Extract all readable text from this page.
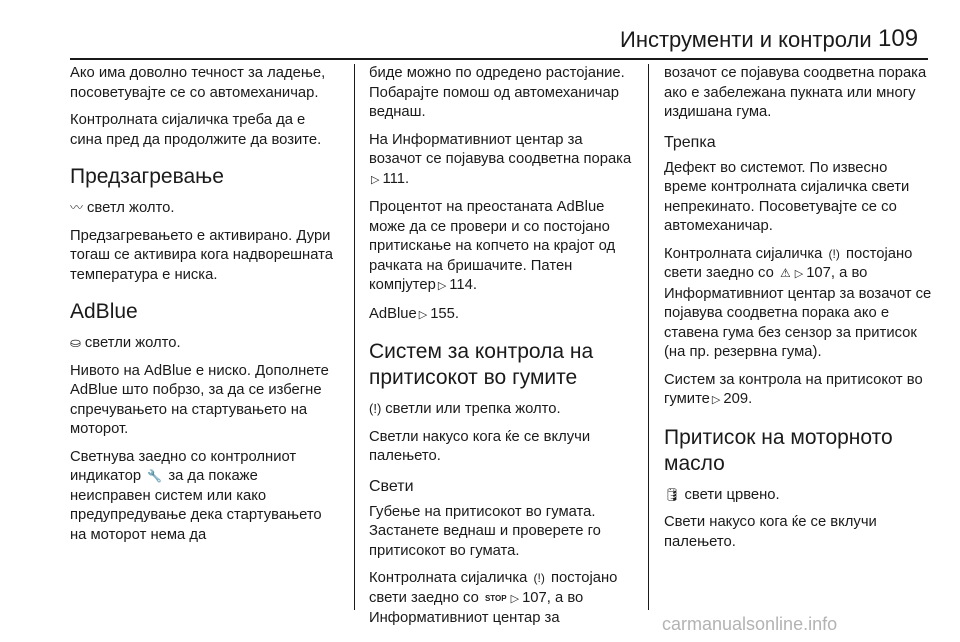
Инструменти и контроли 109

Ако има доволно течност за ладење, посоветувајте се со автомеханичар.

Контролната сијаличка треба да е сина пред да продолжите да возите.

Предзагревање

〰 светл жолто.

Предзагревањето е активирано. Дури тогаш се активира кога надворешната температура е ниска.

AdBlue

⛀ светли жолто.

Нивото на AdBlue е ниско. Дополнете AdBlue што побрзо, за да се избегне спречувањето на стартувањето на моторот.

Светнува заедно со контролниот индикатор 🔧 за да покаже неисправен систем или како предупредување дека стартувањето на моторот нема да

биде можно по одредено растојание. Побарајте помош од автомеханичар веднаш.

На Информативниот центар за возачот се појавува соодветна порака▷ 111.

Процентот на преостаната AdBlue може да се провери и со постојано притискање на копчето на крајот од рачката на бришачите. Патен компјутер ▷ 114.

AdBlue ▷ 155.

Систем за контрола на притисокот во гумите

(!) светли или трепка жолто.

Светли накусо кога ќе се вклучи палењето.

Свети

Губење на притисокот во гумата. Застанете веднаш и проверете го притисокот во гумата.

Контролната сијаличка (!) постојано свети заедно со STOP ▷ 107, а во Информативниот центар за

возачот се појавува соодветна порака ако е забележана пукната или многу издишана гума.

Трепка

Дефект во системот. По извесно време контролната сијаличка свети непрекинато. Посоветувајте се со автомеханичар.

Контролната сијаличка (!) постојано свети заедно со ⚠ ▷ 107, а во Информативниот центар за возачот се појавува соодветна порака ако е ставена гума без сензор за притисок (на пр. резервна гума).

Систем за контрола на притисокот во гумите ▷ 209.

Притисок на моторното масло

🛢 свети црвено.

Свети накусо кога ќе се вклучи палењето.

carmanualsonline.info
